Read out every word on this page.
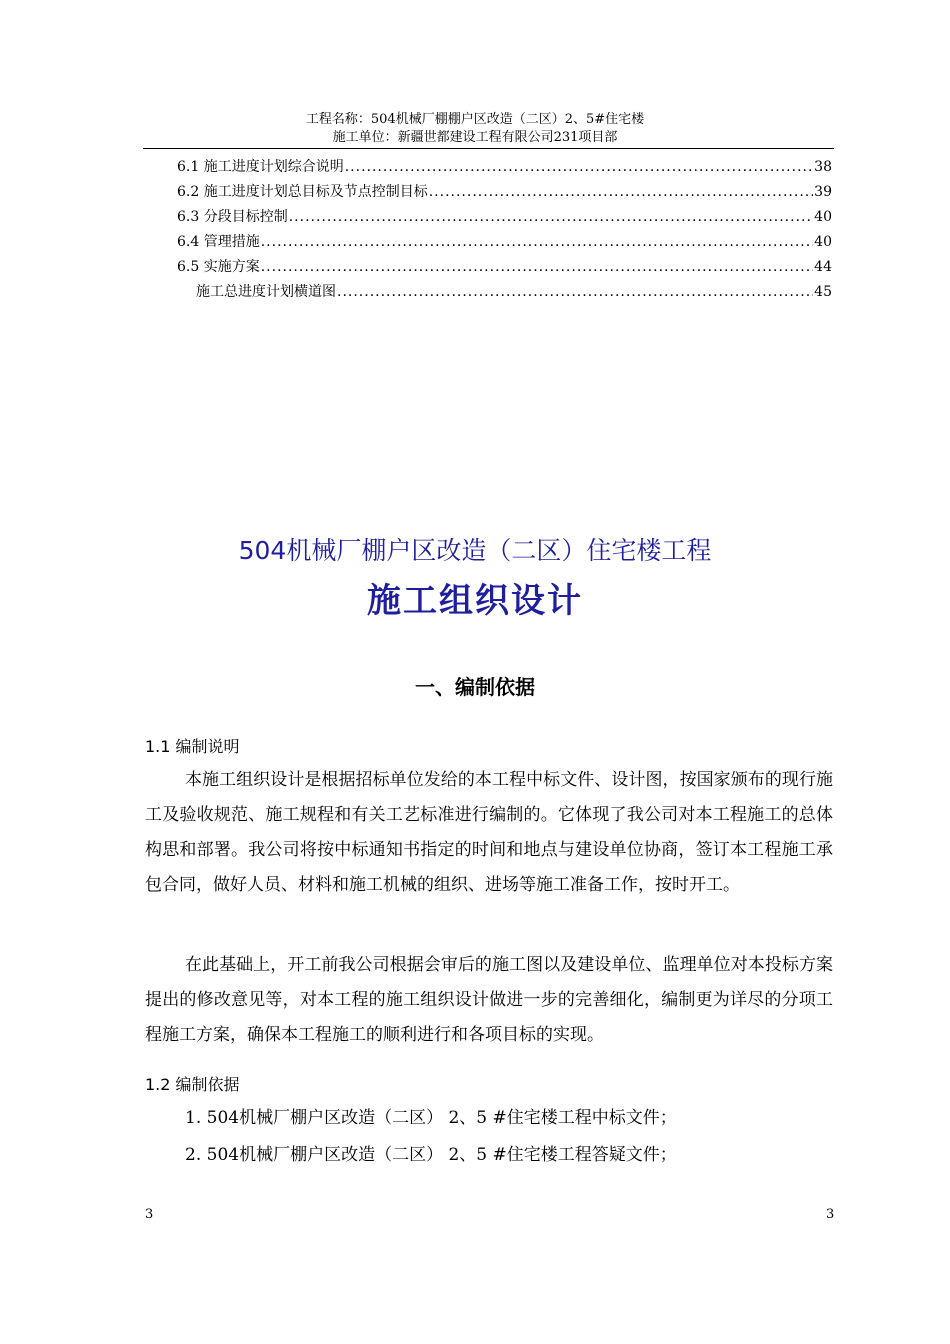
工程名称：504机械厂棚棚户区改造（二区）2、5#住宅楼
施工单位：新疆世都建设工程有限公司231项目部
6.1 施工进度计划综合说明 .....	38
6.2 施工进度计划总目标及节点控制目标 .....	39
6.3 分段目标控制 .....	40
6.4 管理措施 .....	40
6.5 实施方案 .....	44
施工总进度计划横道图 .....	45
504机械厂棚户区改造（二区）住宅楼工程
施工组织设计
一、编制依据
1.1 编制说明

本施工组织设计是根据招标单位发给的本工程中标文件、设计图，按国家颁布的现行施工及验收规范、施工规程和有关工艺标准进行编制的。它体现了我公司对本工程施工的总体构思和部署。我公司将按中标通知书指定的时间和地点与建设单位协商，签订本工程施工承包合同，做好人员、材料和施工机械的组织、进场等施工准备工作，按时开工。

在此基础上，开工前我公司根据会审后的施工图以及建设单位、监理单位对本投标方案提出的修改意见等，对本工程的施工组织设计做进一步的完善细化，编制更为详尽的分项工程施工方案，确保本工程施工的顺利进行和各项目标的实现。

1.2 编制依据
1. 504机械厂棚户区改造（二区） 2、5 #住宅楼工程中标文件；
2. 504机械厂棚户区改造（二区） 2、5 #住宅楼工程答疑文件；
3	3
